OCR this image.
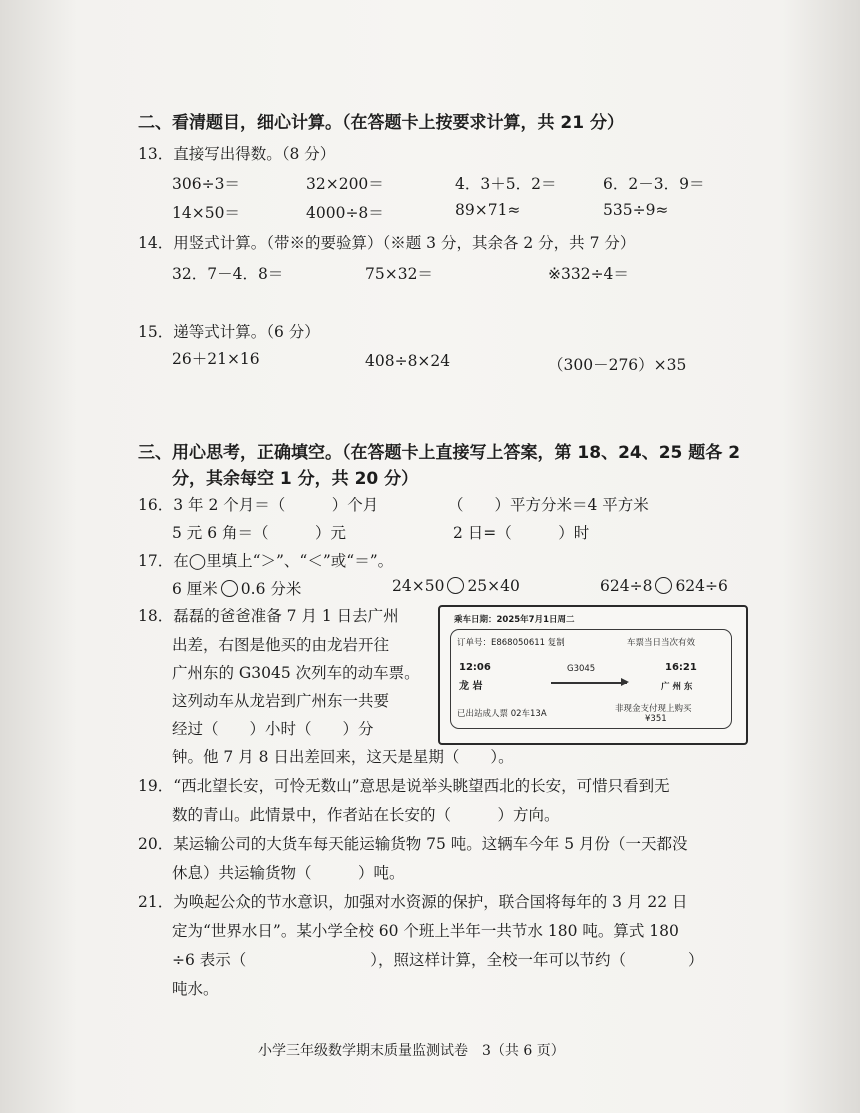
二、看清题目，细心计算。（在答题卡上按要求计算，共 21 分）
13．直接写出得数。（8 分）
306÷3＝	32×200＝	4．3＋5．2＝	6．2－3．9＝
14×50＝	4000÷8＝	89×71≈	535÷9≈
14．用竖式计算。（带※的要验算）（※题 3 分，其余各 2 分，共 7 分）
32．7－4．8＝	75×32＝	※332÷4＝
15．递等式计算。（6 分）
26＋21×16	408÷8×24	（300－276）×35
三、用心思考，正确填空。（在答题卡上直接写上答案，第 18、24、25 题各 2
分，其余每空 1 分，共 20 分）
16．3 年 2 个月＝（　　　）个月	（　　）平方分米＝4 平方米
5 元 6 角＝（　　　）元	2 日=（　　　）时
17．在◯里填上“＞”、“＜”或“＝”。
6 厘米 0.6 分米	24×50 25×40	624÷8 624÷6
18．磊磊的爸爸准备 7 月 1 日去广州
出差，右图是他买的由龙岩开往
广州东的 G3045 次列车的动车票。
这列动车从龙岩到广州东一共要
经过（　　）小时（　　）分
钟。他 7 月 8 日出差回来，这天是星期（　　）。
乘车日期：2025年7月1日周二
订单号：E868050611 复制	车票当日当次有效
12:06	G3045	16:21
龙 岩	广 州 东
已出站成人票 02车13A	非现金支付现上购买
¥351
19．“西北望长安，可怜无数山”意思是说举头眺望西北的长安，可惜只看到无
数的青山。此情景中，作者站在长安的（　　　）方向。
20．某运输公司的大货车每天能运输货物 75 吨。这辆车今年 5 月份（一天都没
休息）共运输货物（　　　）吨。
21．为唤起公众的节水意识，加强对水资源的保护，联合国将每年的 3 月 22 日
定为“世界水日”。某小学全校 60 个班上半年一共节水 180 吨。算式 180
÷6 表示（　　　　　　　　），照这样计算，全校一年可以节约（　　　　）
吨水。
小学三年级数学期末质量监测试卷　3（共 6 页）
